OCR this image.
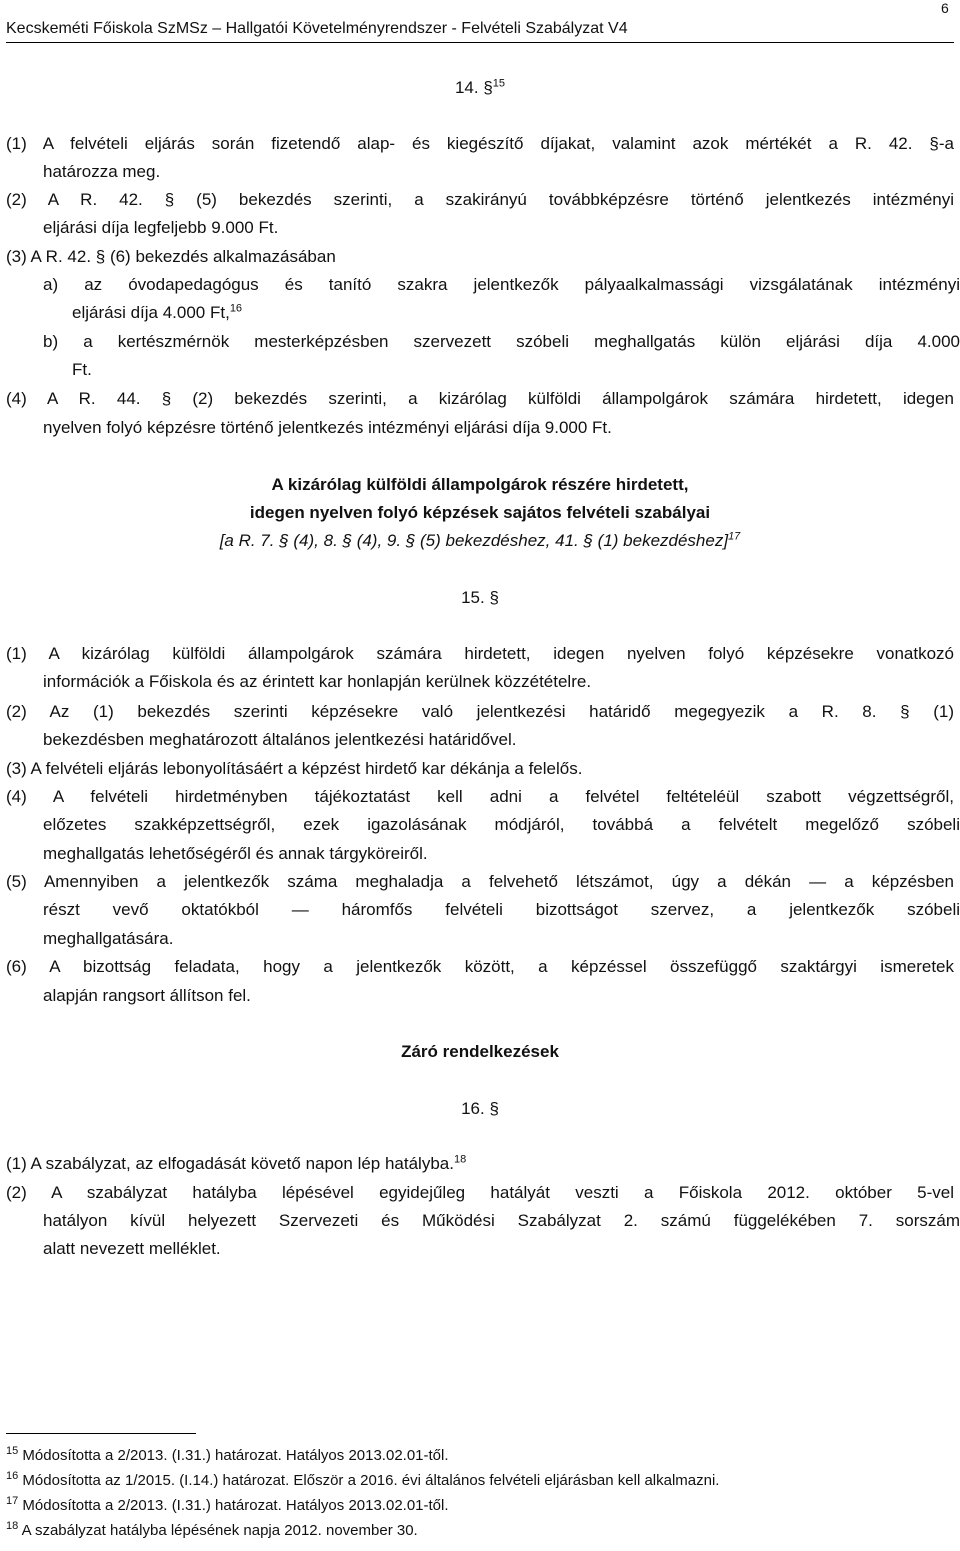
Kecskeméti Főiskola SzMSz – Hallgatói Követelményrendszer - Felvételi Szabályzat V4
6
14. §$^{15}$
(1) A felvételi eljárás során fizetendő alap- és kiegészítő díjakat, valamint azok mértékét a R. 42. §-a
határozza meg.
(2) A R. 42. § (5) bekezdés szerinti, a szakirányú továbbképzésre történő jelentkezés intézményi
eljárási díja legfeljebb 9.000 Ft.
(3) A R. 42. § (6) bekezdés alkalmazásában
a) az óvodapedagógus és tanító szakra jelentkezők pályaalkalmassági vizsgálatának intézményi
eljárási díja 4.000 Ft,$^{16}$
b) a kertészmérnök mesterképzésben szervezett szóbeli meghallgatás külön eljárási díja 4.000
Ft.
(4) A R. 44. § (2) bekezdés szerinti, a kizárólag külföldi állampolgárok számára hirdetett, idegen
nyelven folyó képzésre történő jelentkezés intézményi eljárási díja 9.000 Ft.
A kizárólag külföldi állampolgárok részére hirdetett,
idegen nyelven folyó képzések sajátos felvételi szabályai
[a R. 7. § (4), 8. § (4), 9. § (5) bekezdéshez, 41. § (1) bekezdéshez]$^{17}$
15. §
(1) A kizárólag külföldi állampolgárok számára hirdetett, idegen nyelven folyó képzésekre vonatkozó
információk a Főiskola és az érintett kar honlapján kerülnek közzétételre.
(2) Az (1) bekezdés szerinti képzésekre való jelentkezési határidő megegyezik a R. 8. § (1)
bekezdésben meghatározott általános jelentkezési határidővel.
(3) A felvételi eljárás lebonyolításáért a képzést hirdető kar dékánja a felelős.
(4) A felvételi hirdetményben tájékoztatást kell adni a felvétel feltételéül szabott végzettségről,
előzetes szakképzettségről, ezek igazolásának módjáról, továbbá a felvételt megelőző szóbeli
meghallgatás lehetőségéről és annak tárgyköreiről.
(5) Amennyiben a jelentkezők száma meghaladja a felvehető létszámot, úgy a dékán — a képzésben
részt vevő oktatókból — háromfős felvételi bizottságot szervez, a jelentkezők szóbeli
meghallgatására.
(6) A bizottság feladata, hogy a jelentkezők között, a képzéssel összefüggő szaktárgyi ismeretek
alapján rangsort állítson fel.
Záró rendelkezések
16. §
(1) A szabályzat, az elfogadását követő napon lép hatályba.$^{18}$
(2) A szabályzat hatályba lépésével egyidejűleg hatályát veszti a Főiskola 2012. október 5-vel
hatályon kívül helyezett Szervezeti és Működési Szabályzat 2. számú függelékében 7. sorszám
alatt nevezett melléklet.
$^{15}$ Módosította a 2/2013. (I.31.) határozat. Hatályos 2013.02.01-től.
$^{16}$ Módosította az 1/2015. (I.14.) határozat. Először a 2016. évi általános felvételi eljárásban kell alkalmazni.
$^{17}$ Módosította a 2/2013. (I.31.) határozat. Hatályos 2013.02.01-től.
$^{18}$ A szabályzat hatályba lépésének napja 2012. november 30.
